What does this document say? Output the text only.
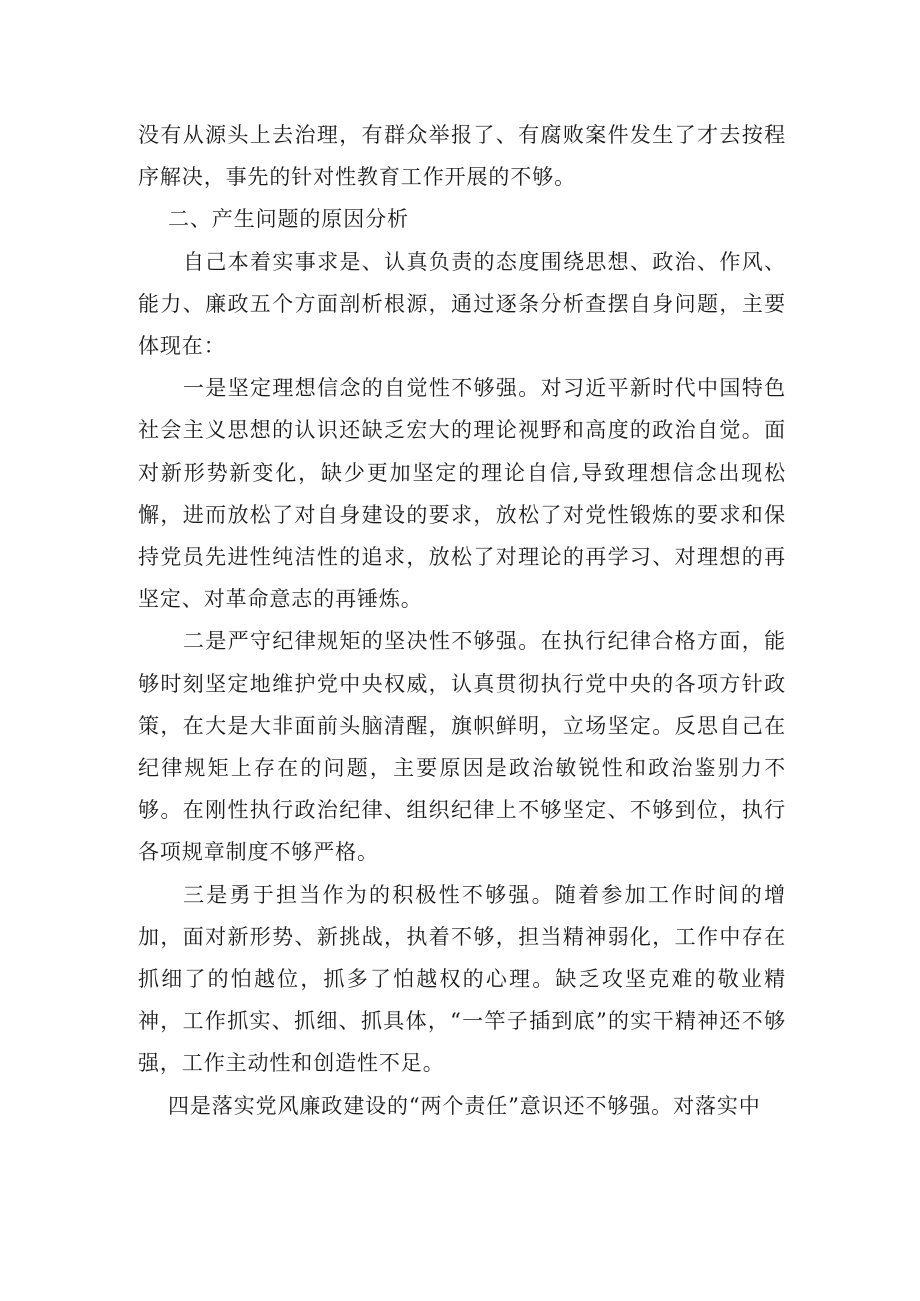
没有从源头上去治理，有群众举报了、有腐败案件发生了才去按程序解决，事先的针对性教育工作开展的不够。

二、产生问题的原因分析

自己本着实事求是、认真负责的态度围绕思想、政治、作风、能力、廉政五个方面剖析根源，通过逐条分析查摆自身问题，主要体现在：

一是坚定理想信念的自觉性不够强。对习近平新时代中国特色社会主义思想的认识还缺乏宏大的理论视野和高度的政治自觉。面对新形势新变化，缺少更加坚定的理论自信,导致理想信念出现松懈，进而放松了对自身建设的要求，放松了对党性锻炼的要求和保持党员先进性纯洁性的追求，放松了对理论的再学习、对理想的再坚定、对革命意志的再锤炼。

二是严守纪律规矩的坚决性不够强。在执行纪律合格方面，能够时刻坚定地维护党中央权威，认真贯彻执行党中央的各项方针政策，在大是大非面前头脑清醒，旗帜鲜明，立场坚定。反思自己在纪律规矩上存在的问题，主要原因是政治敏锐性和政治鉴别力不够。在刚性执行政治纪律、组织纪律上不够坚定、不够到位，执行各项规章制度不够严格。

三是勇于担当作为的积极性不够强。随着参加工作时间的增加，面对新形势、新挑战，执着不够，担当精神弱化，工作中存在抓细了的怕越位，抓多了怕越权的心理。缺乏攻坚克难的敬业精神，工作抓实、抓细、抓具体，“一竿子插到底”的实干精神还不够强，工作主动性和创造性不足。

四是落实党风廉政建设的“两个责任”意识还不够强。对落实中
